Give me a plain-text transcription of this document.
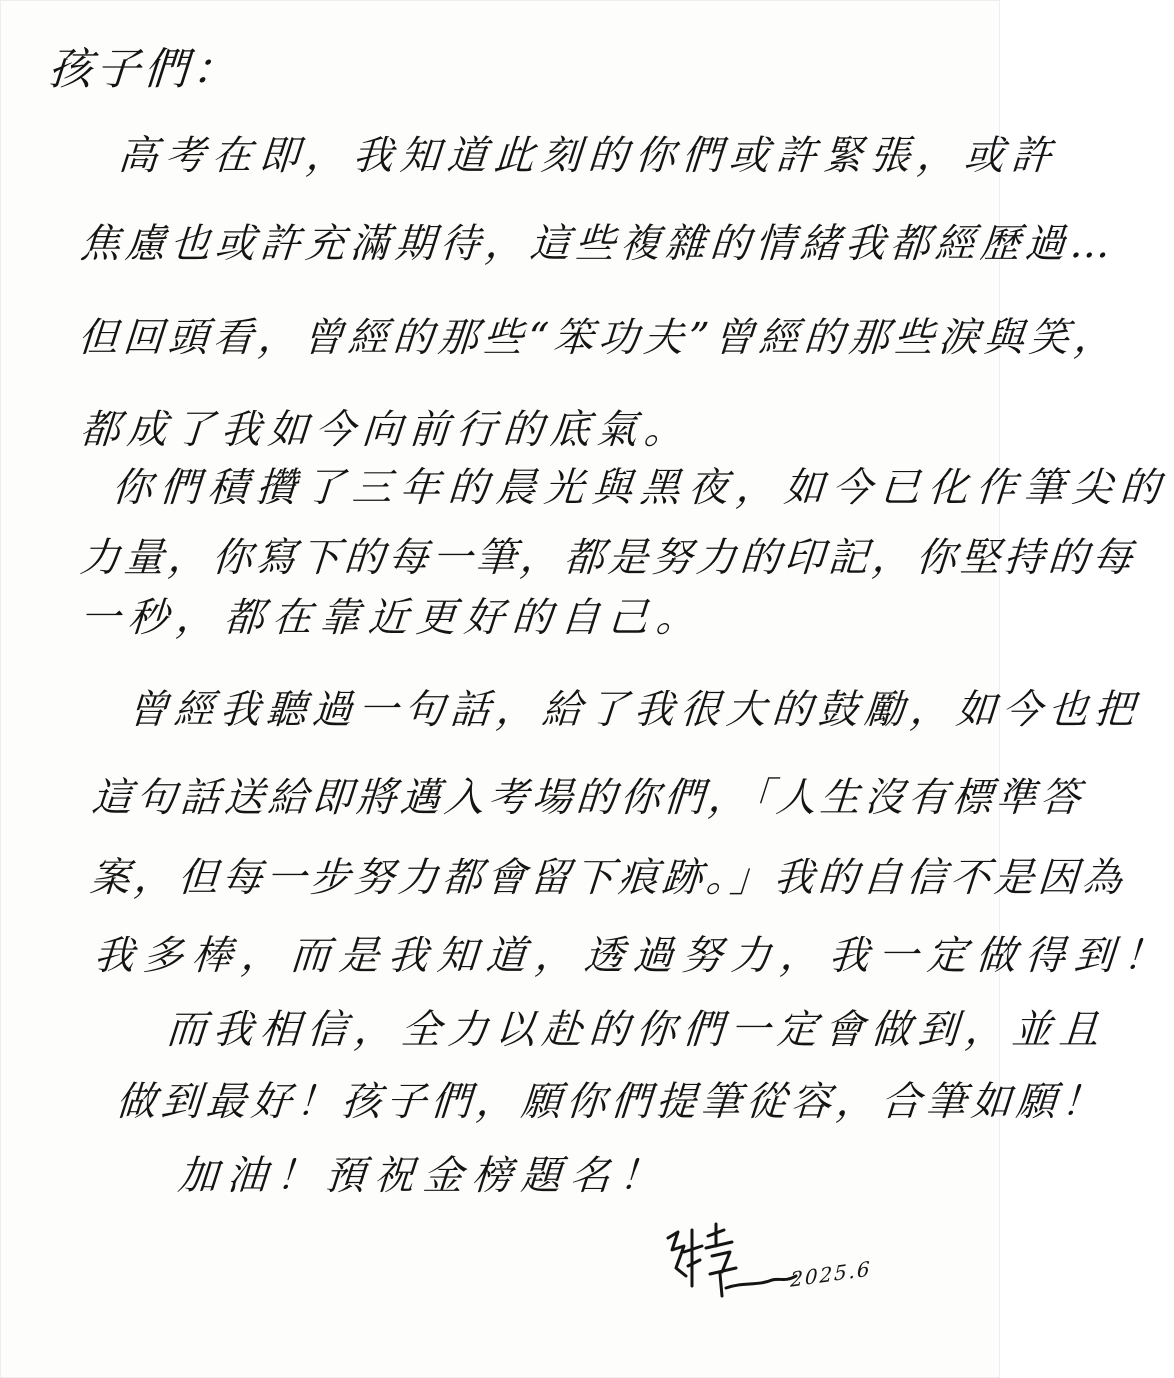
孩子們：
高考在即，我知道此刻的你們或許緊張，或許
焦慮也或許充滿期待，這些複雜的情緒我都經歷過…
但回頭看，曾經的那些“笨功夫”曾經的那些淚與笑，
都成了我如今向前行的底氣。
你們積攢了三年的晨光與黑夜，如今已化作筆尖的
力量，你寫下的每一筆，都是努力的印記，你堅持的每
一秒，都在靠近更好的自己。
曾經我聽過一句話，給了我很大的鼓勵，如今也把
這句話送給即將邁入考場的你們，「人生沒有標準答
案，但每一步努力都會留下痕跡。」我的自信不是因為
我多棒，而是我知道，透過努力，我一定做得到！
而我相信，全力以赴的你們一定會做到，並且
做到最好！孩子們，願你們提筆從容，合筆如願！
加油！預祝金榜題名！
2025.6
